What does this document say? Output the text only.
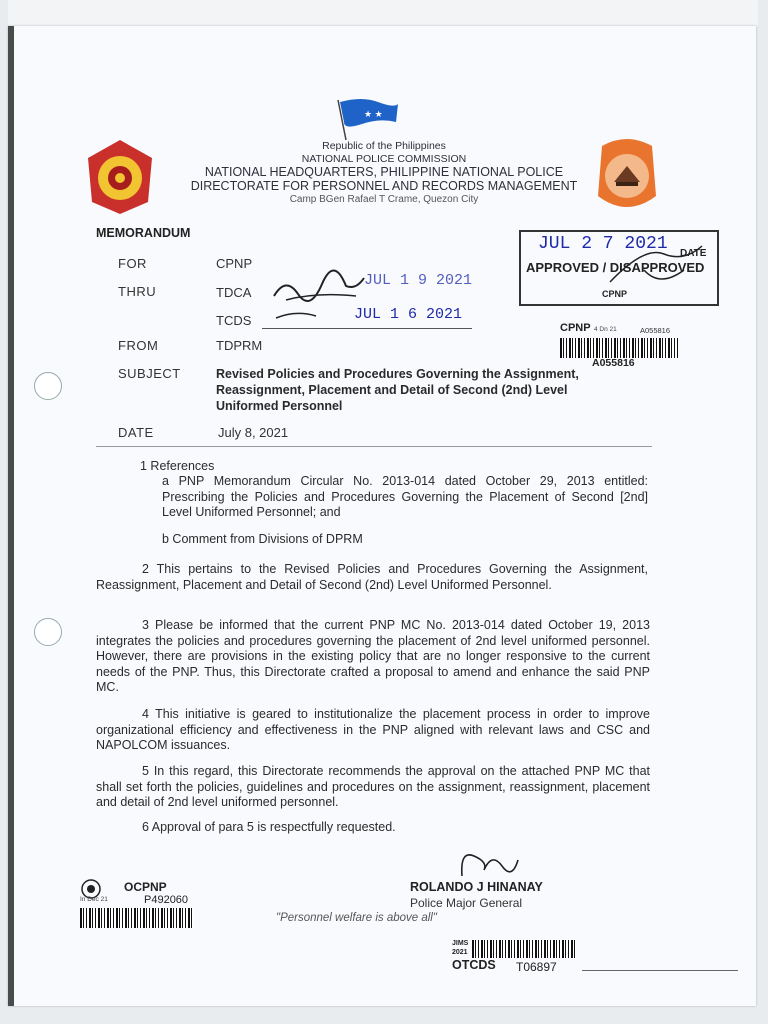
★ ★
Republic of the Philippines
NATIONAL POLICE COMMISSION
NATIONAL HEADQUARTERS, PHILIPPINE NATIONAL POLICE
DIRECTORATE FOR PERSONNEL AND RECORDS MANAGEMENT
Camp BGen Rafael T Crame, Quezon City
MEMORANDUM
FOR	CPNP
THRU	TDCA
TCDS
FROM	TDPRM
SUBJECT	Revised Policies and Procedures Governing the Assignment,
Reassignment, Placement and Detail of Second (2nd) Level
Uniformed Personnel
DATE	July 8, 2021
JUL 1 9 2021
JUL 1 6 2021
JUL 2 7 2021 DATE
APPROVED / DISAPPROVED
CPNP
CPNP 4 Dn 21	A055816
A055816
1 References
a PNP Memorandum Circular No. 2013-014 dated October 29, 2013 entitled: Prescribing the Policies and Procedures Governing the Placement of Second [2nd] Level Uniformed Personnel; and
b Comment from Divisions of DPRM
2 This pertains to the Revised Policies and Procedures Governing the Assignment, Reassignment, Placement and Detail of Second (2nd) Level Uniformed Personnel.
3 Please be informed that the current PNP MC No. 2013-014 dated October 19, 2013 integrates the policies and procedures governing the placement of 2nd level uniformed personnel. However, there are provisions in the existing policy that are no longer responsive to the current needs of the PNP. Thus, this Directorate crafted a proposal to amend and enhance the said PNP MC.
4 This initiative is geared to institutionalize the placement process in order to improve organizational efficiency and effectiveness in the PNP aligned with relevant laws and CSC and NAPOLCOM issuances.
5 In this regard, this Directorate recommends the approval on the attached PNP MC that shall set forth the policies, guidelines and procedures on the assignment, reassignment, placement and detail of 2nd level uniformed personnel.
6 Approval of para 5 is respectfully requested.
ROLANDO J HINANAY
Police Major General
"Personnel welfare is above all"
OCPNP
In Dec 21	P492060
JIMS
2021
OTCDS T06897
